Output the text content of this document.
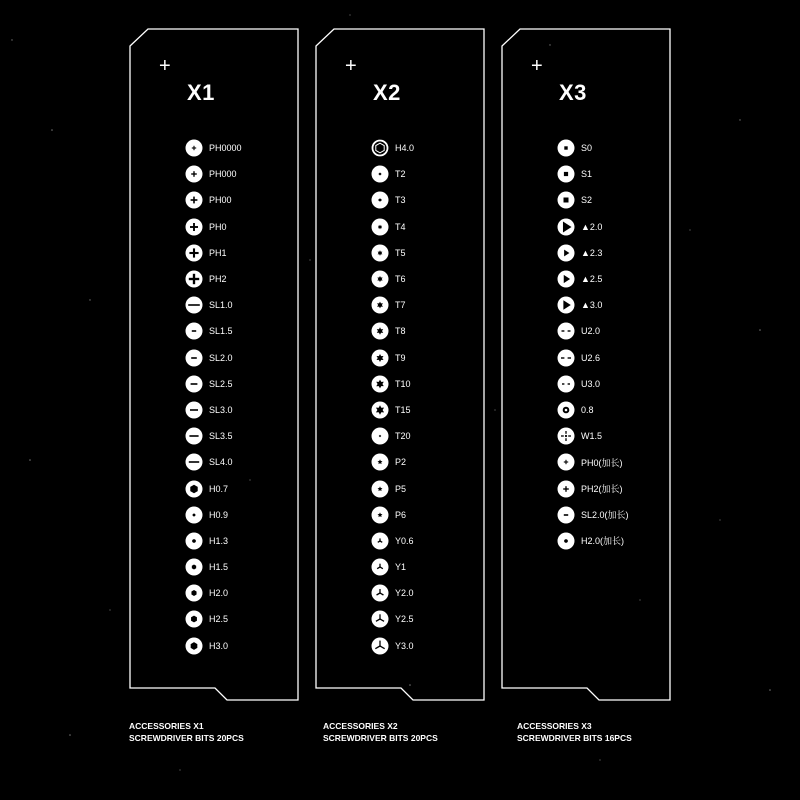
+
X1
PH0000
PH000
PH00
PH0
PH1
PH2
SL1.0
SL1.5
SL2.0
SL2.5
SL3.0
SL3.5
SL4.0
H0.7
H0.9
H1.3
H1.5
H2.0
H2.5
H3.0
ACCESSORIES X1
SCREWDRIVER BITS 20PCS
+
X2
H4.0
T2
T3
T4
T5
T6
T7
T8
T9
T10
T15
T20
P2
P5
P6
Y0.6
Y1
Y2.0
Y2.5
Y3.0
ACCESSORIES X2
SCREWDRIVER BITS 20PCS
+
X3
S0
S1
S2
▲2.0
▲2.3
▲2.5
▲3.0
U2.0
U2.6
U3.0
0.8
W1.5
PH0(加长)
PH2(加长)
SL2.0(加长)
H2.0(加长)
ACCESSORIES X3
SCREWDRIVER BITS 16PCS
